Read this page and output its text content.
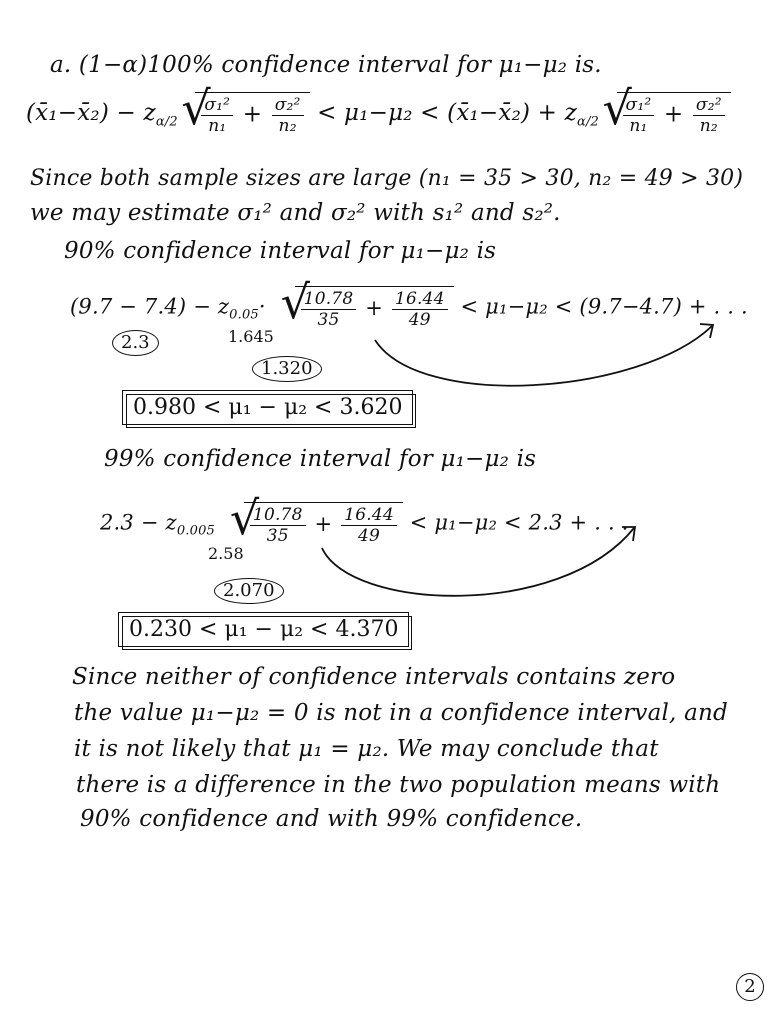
a. (1−α)100% confidence interval for μ₁−μ₂ is.
(x̄₁−x̄₂) − $z_{\alpha/2}$ √ $\frac{\text{σ₁²}}{\text{n₁}} + \frac{\text{σ₂²}}{\text{n₂}} < \mu_1-\mu_2$ < (x̄₁−x̄₂) + $z_{\alpha/2}$ √ $\frac{\text{σ₁²}}{\text{n₁}} + \frac{\text{σ₂²}}{\text{n₂}}$
Since both sample sizes are large (n₁ = 35 > 30, n₂ = 49 > 30)
we may estimate σ₁² and σ₂² with s₁² and s₂².
90% confidence interval for μ₁−μ₂ is
$(9.7 - 7.4) - z_{0.05}\cdot$ √ $\frac{10.78}{35} + \frac{16.44}{49} < \mu_1-\mu_2 < (9.7-4.7)$ + . . .
2.3	1.645
1.320
0.980 < μ₁ − μ₂ < 3.620
99% confidence interval for μ₁−μ₂ is
$2.3 - z_{0.005}$ √ $\frac{10.78}{35} + \frac{16.44}{49} < \mu_1-\mu_2 < 2.3$ + . . .
2.58
2.070
0.230 < μ₁ − μ₂ < 4.370
Since neither of confidence intervals contains zero
the value μ₁−μ₂ = 0 is not in a confidence interval, and
it is not likely that μ₁ = μ₂. We may conclude that
there is a difference in the two population means with
90% confidence and with 99% confidence.
2
